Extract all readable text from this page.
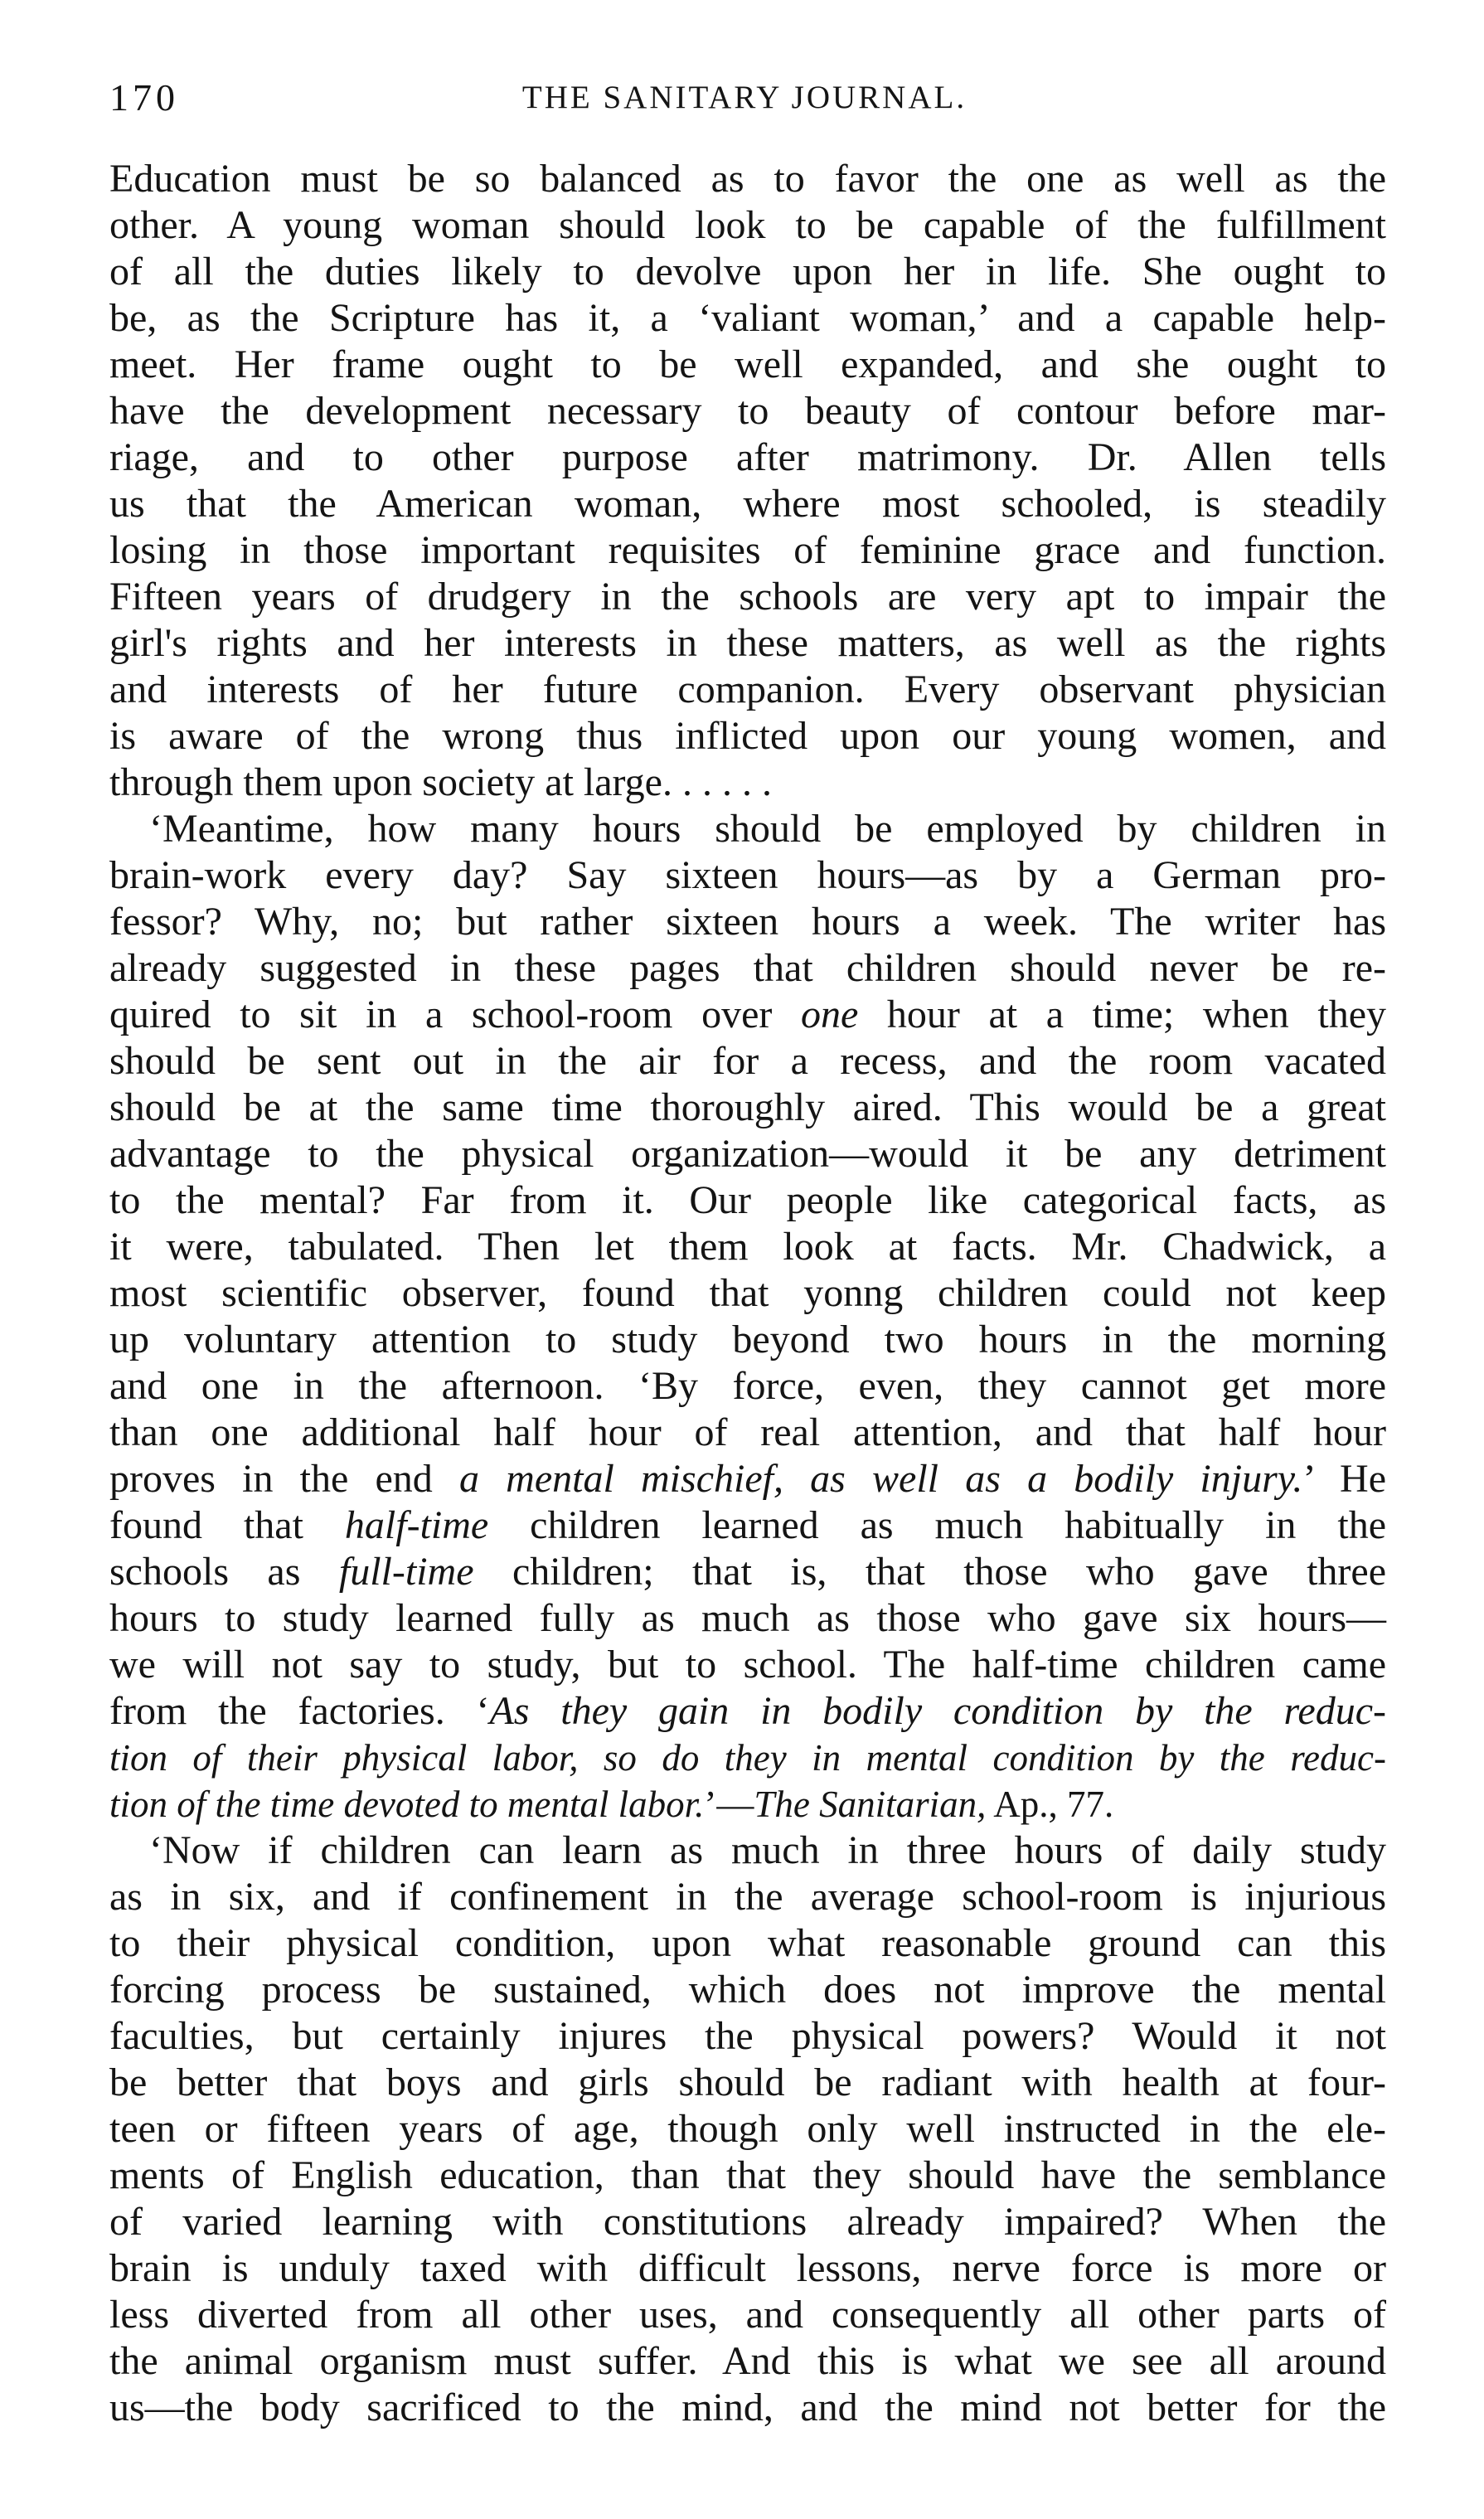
170	THE SANITARY JOURNAL.
Education must be so balanced as to favor the one as well as the
other. A young woman should look to be capable of the fulfillment
of all the duties likely to devolve upon her in life. She ought to
be, as the Scripture has it, a ‘valiant woman,’ and a capable help-
meet. Her frame ought to be well expanded, and she ought to
have the development necessary to beauty of contour before mar-
riage, and to other purpose after matrimony. Dr. Allen tells
us that the American woman, where most schooled, is steadily
losing in those important requisites of feminine grace and function.
Fifteen years of drudgery in the schools are very apt to impair the
girl's rights and her interests in these matters, as well as the rights
and interests of her future companion. Every observant physician
is aware of the wrong thus inflicted upon our young women, and
through them upon society at large. . . . . .
‘Meantime, how many hours should be employed by children in
brain-work every day? Say sixteen hours—as by a German pro-
fessor? Why, no; but rather sixteen hours a week. The writer has
already suggested in these pages that children should never be re-
quired to sit in a school-room over one hour at a time; when they
should be sent out in the air for a recess, and the room vacated
should be at the same time thoroughly aired. This would be a great
advantage to the physical organization—would it be any detriment
to the mental? Far from it. Our people like categorical facts, as
it were, tabulated. Then let them look at facts. Mr. Chadwick, a
most scientific observer, found that yonng children could not keep
up voluntary attention to study beyond two hours in the morning
and one in the afternoon. ‘By force, even, they cannot get more
than one additional half hour of real attention, and that half hour
proves in the end a mental mischief, as well as a bodily injury.’ He
found that half-time children learned as much habitually in the
schools as full-time children; that is, that those who gave three
hours to study learned fully as much as those who gave six hours—
we will not say to study, but to school. The half-time children came
from the factories. ‘As they gain in bodily condition by the reduc-
tion of their physical labor, so do they in mental condition by the reduc-
tion of the time devoted to mental labor.’—The Sanitarian, Ap., 77.
‘Now if children can learn as much in three hours of daily study
as in six, and if confinement in the average school-room is injurious
to their physical condition, upon what reasonable ground can this
forcing process be sustained, which does not improve the mental
faculties, but certainly injures the physical powers? Would it not
be better that boys and girls should be radiant with health at four-
teen or fifteen years of age, though only well instructed in the ele-
ments of English education, than that they should have the semblance
of varied learning with constitutions already impaired? When the
brain is unduly taxed with difficult lessons, nerve force is more or
less diverted from all other uses, and consequently all other parts of
the animal organism must suffer. And this is what we see all around
us—the body sacrificed to the mind, and the mind not better for the
